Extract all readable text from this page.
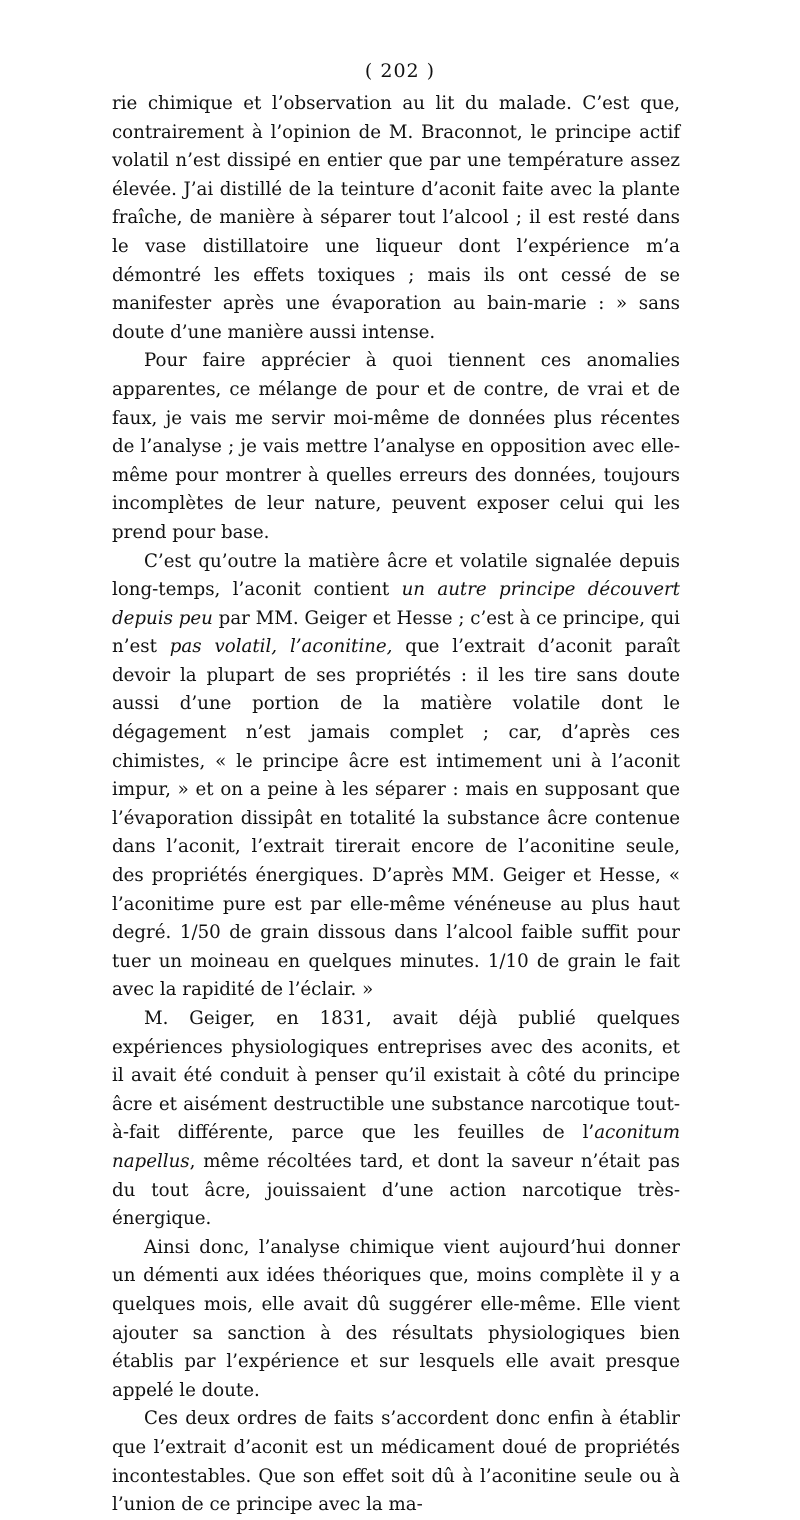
( 202 )

rie chimique et l’observation au lit du malade. C’est que, contrairement à l’opinion de M. Braconnot, le principe actif volatil n’est dissipé en entier que par une température assez élevée. J’ai distillé de la teinture d’aconit faite avec la plante fraîche, de manière à séparer tout l’alcool ; il est resté dans le vase distillatoire une liqueur dont l’expérience m’a démontré les effets toxiques ; mais ils ont cessé de se manifester après une évaporation au bain-marie : » sans doute d’une manière aussi intense.

Pour faire apprécier à quoi tiennent ces anomalies apparentes, ce mélange de pour et de contre, de vrai et de faux, je vais me servir moi-même de données plus récentes de l’analyse ; je vais mettre l’analyse en opposition avec elle-même pour montrer à quelles erreurs des données, toujours incomplètes de leur nature, peuvent exposer celui qui les prend pour base.

C’est qu’outre la matière âcre et volatile signalée depuis long-temps, l’aconit contient un autre principe découvert depuis peu par MM. Geiger et Hesse ; c’est à ce principe, qui n’est pas volatil, l’aconitine, que l’extrait d’aconit paraît devoir la plupart de ses propriétés : il les tire sans doute aussi d’une portion de la matière volatile dont le dégagement n’est jamais complet ; car, d’après ces chimistes, « le principe âcre est intimement uni à l’aconit impur, » et on a peine à les séparer : mais en supposant que l’évaporation dissipât en totalité la substance âcre contenue dans l’aconit, l’extrait tirerait encore de l’aconitine seule, des propriétés énergiques. D’après MM. Geiger et Hesse, « l’aconitime pure est par elle-même vénéneuse au plus haut degré. 1/50 de grain dissous dans l’alcool faible suffit pour tuer un moineau en quelques minutes. 1/10 de grain le fait avec la rapidité de l’éclair. »

M. Geiger, en 1831, avait déjà publié quelques expériences physiologiques entreprises avec des aconits, et il avait été conduit à penser qu’il existait à côté du principe âcre et aisément destructible une substance narcotique tout-à-fait différente, parce que les feuilles de l’aconitum napellus, même récoltées tard, et dont la saveur n’était pas du tout âcre, jouissaient d’une action narcotique très-énergique.

Ainsi donc, l’analyse chimique vient aujourd’hui donner un démenti aux idées théoriques que, moins complète il y a quelques mois, elle avait dû suggérer elle-même. Elle vient ajouter sa sanction à des résultats physiologiques bien établis par l’expérience et sur lesquels elle avait presque appelé le doute.

Ces deux ordres de faits s’accordent donc enfin à établir que l’extrait d’aconit est un médicament doué de propriétés incontestables. Que son effet soit dû à l’aconitine seule ou à l’union de ce principe avec la ma-
